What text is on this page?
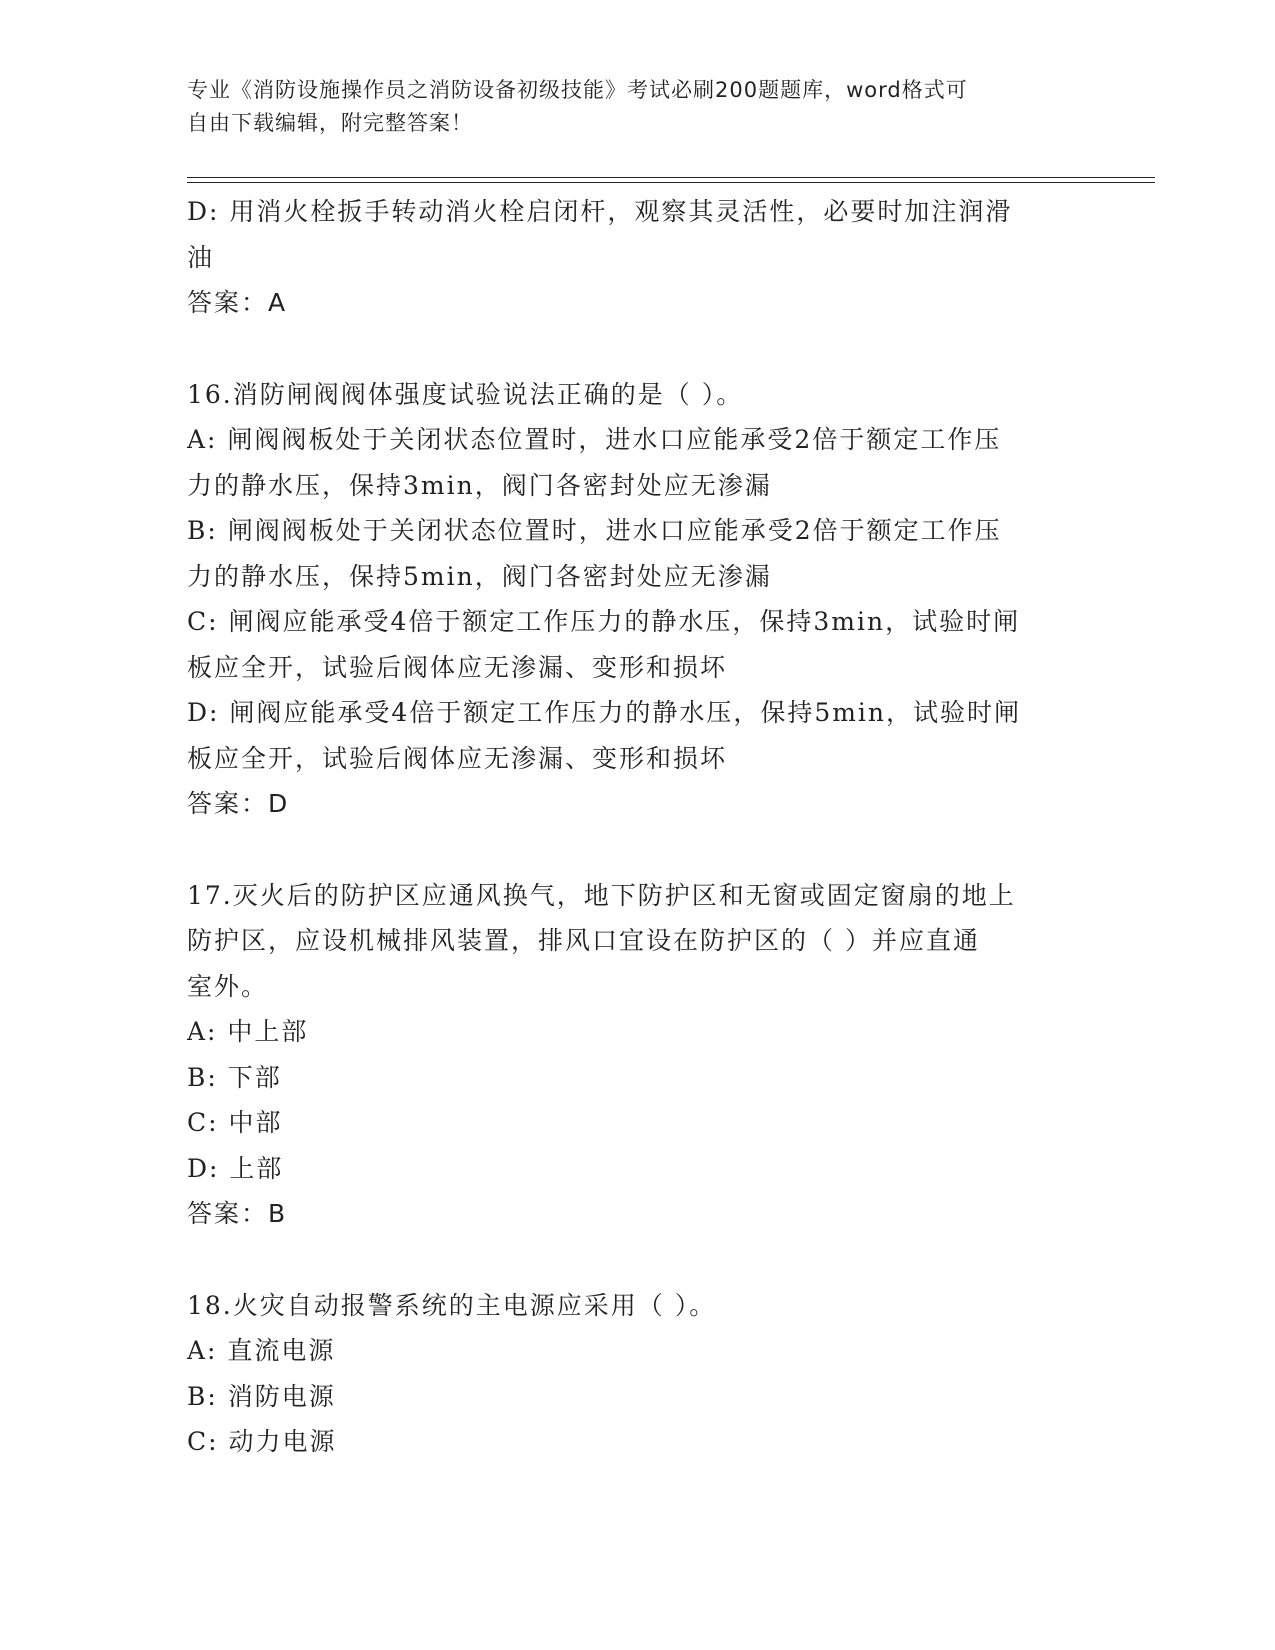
专业《消防设施操作员之消防设备初级技能》考试必刷200题题库，word格式可
自由下载编辑，附完整答案！
D: 用消火栓扳手转动消火栓启闭杆，观察其灵活性，必要时加注润滑
油
答案：A
16.消防闸阀阀体强度试验说法正确的是（ ）。
A: 闸阀阀板处于关闭状态位置时，进水口应能承受2倍于额定工作压
力的静水压，保持3min，阀门各密封处应无渗漏
B: 闸阀阀板处于关闭状态位置时，进水口应能承受2倍于额定工作压
力的静水压，保持5min，阀门各密封处应无渗漏
C: 闸阀应能承受4倍于额定工作压力的静水压，保持3min，试验时闸
板应全开，试验后阀体应无渗漏、变形和损坏
D: 闸阀应能承受4倍于额定工作压力的静水压，保持5min，试验时闸
板应全开，试验后阀体应无渗漏、变形和损坏
答案：D
17.灭火后的防护区应通风换气，地下防护区和无窗或固定窗扇的地上
防护区，应设机械排风装置，排风口宜设在防护区的（ ）并应直通
室外。
A: 中上部
B: 下部
C: 中部
D: 上部
答案：B
18.火灾自动报警系统的主电源应采用（ ）。
A: 直流电源
B: 消防电源
C: 动力电源
